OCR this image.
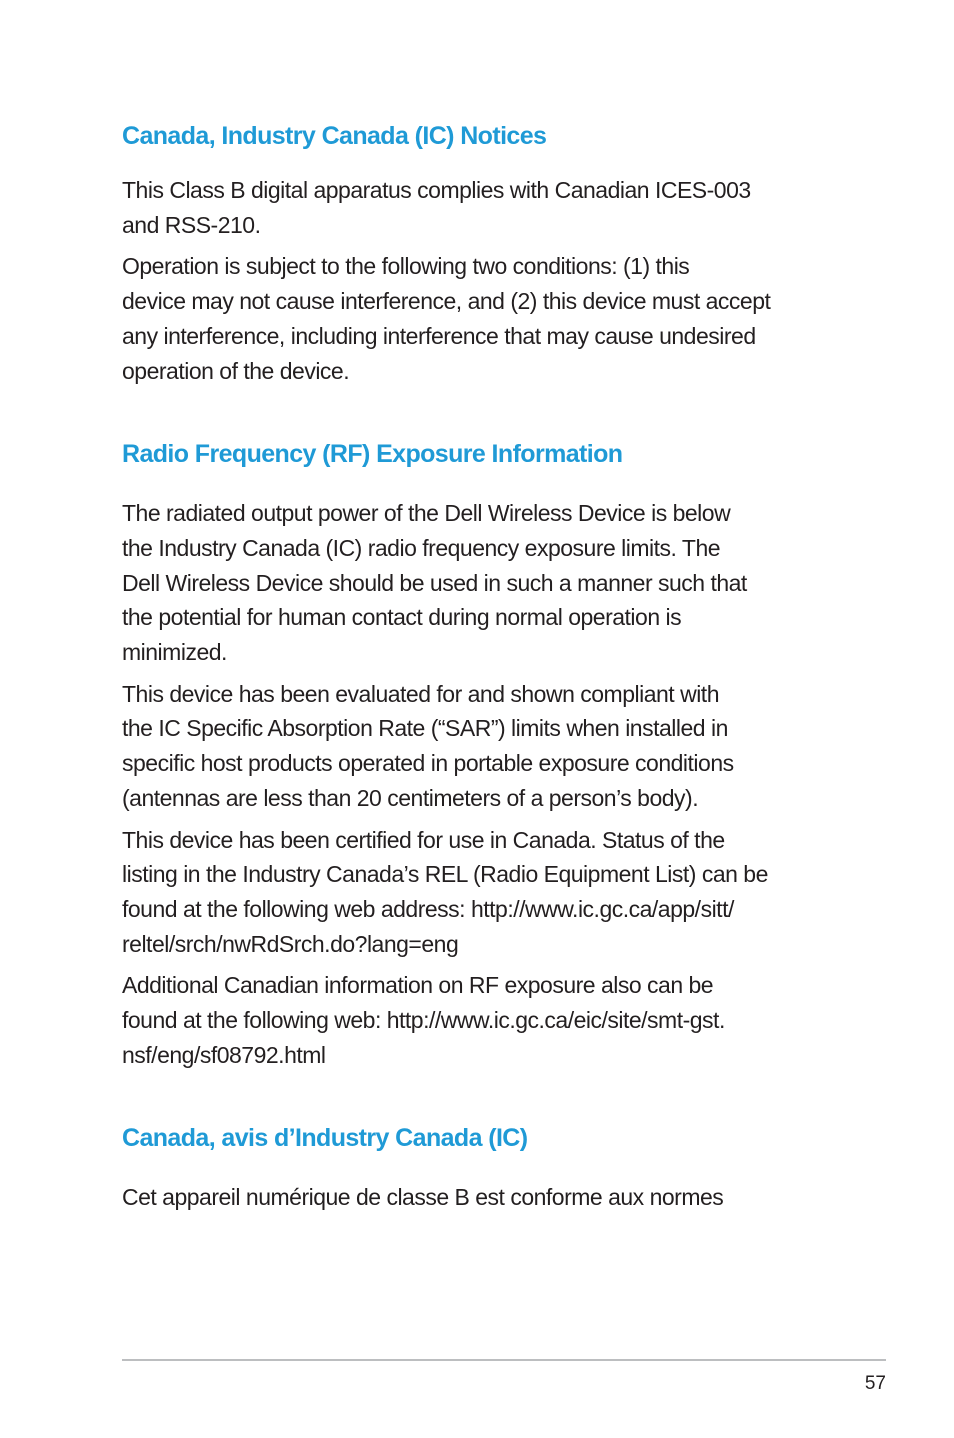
Canada, Industry Canada (IC) Notices

This Class B digital apparatus complies with Canadian ICES-003
and RSS-210.

Operation is subject to the following two conditions: (1) this
device may not cause interference, and (2) this device must accept
any interference, including interference that may cause undesired
operation of the device.

Radio Frequency (RF) Exposure Information

The radiated output power of the Dell Wireless Device is below
the Industry Canada (IC) radio frequency exposure limits. The
Dell Wireless Device should be used in such a manner such that
the potential for human contact during normal operation is
minimized.

This device has been evaluated for and shown compliant with
the IC Specific Absorption Rate (“SAR”) limits when installed in
specific host products operated in portable exposure conditions
(antennas are less than 20 centimeters of a person’s body).

This device has been certified for use in Canada. Status of the
listing in the Industry Canada’s REL (Radio Equipment List) can be
found at the following web address: http://www.ic.gc.ca/app/sitt/
reltel/srch/nwRdSrch.do?lang=eng

Additional Canadian information on RF exposure also can be
found at the following web: http://www.ic.gc.ca/eic/site/smt-gst.
nsf/eng/sf08792.html

Canada, avis d’Industry Canada (IC)

Cet appareil numérique de classe B est conforme aux normes

57
